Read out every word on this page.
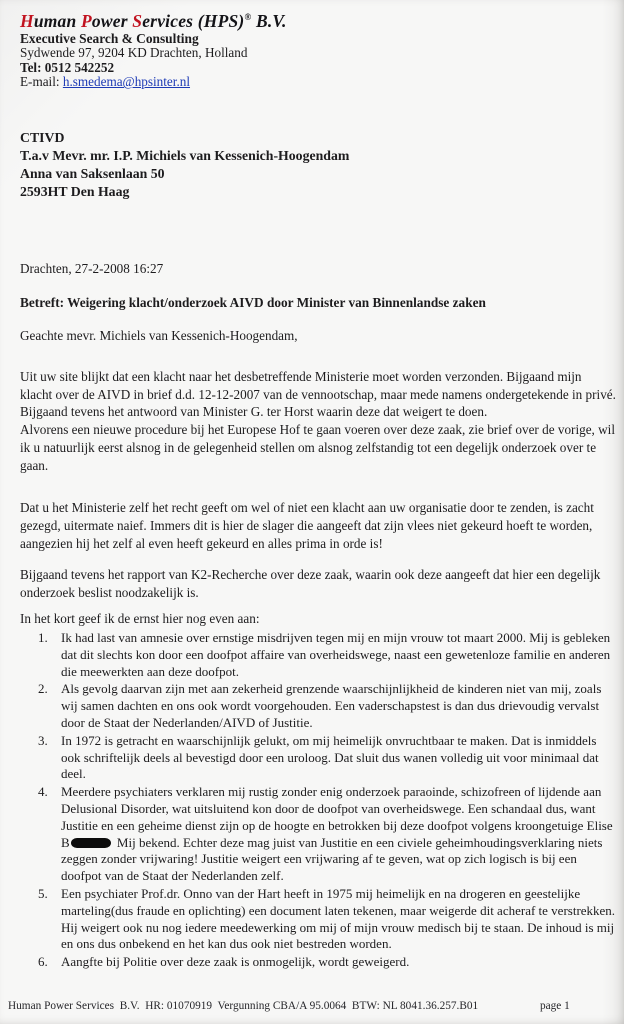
Human Power Services (HPS)® B.V.
Executive Search & Consulting
Sydwende 97, 9204 KD Drachten, Holland
Tel: 0512 542252
E-mail: h.smedema@hpsinter.nl
CTIVD
T.a.v Mevr. mr. I.P. Michiels van Kessenich-Hoogendam
Anna van Saksenlaan 50
2593HT Den Haag
Drachten, 27-2-2008 16:27
Betreft: Weigering klacht/onderzoek AIVD door Minister van Binnenlandse zaken
Geachte mevr. Michiels van Kessenich-Hoogendam,

Uit uw site blijkt dat een klacht naar het desbetreffende Ministerie moet worden verzonden. Bijgaand mijn klacht over de AIVD in brief d.d. 12-12-2007 van de vennootschap, maar mede namens ondergetekende in privé.

Bijgaand tevens het antwoord van Minister G. ter Horst waarin deze dat weigert te doen.
Alvorens een nieuwe procedure bij het Europese Hof te gaan voeren over deze zaak, zie brief over de vorige, wil ik u natuurlijk eerst alsnog in de gelegenheid stellen om alsnog zelfstandig tot een degelijk onderzoek over te gaan.

Dat u het Ministerie zelf het recht geeft om wel of niet een klacht aan uw organisatie door te zenden, is zacht gezegd, uitermate naief. Immers dit is hier de slager die aangeeft dat zijn vlees niet gekeurd hoeft te worden, aangezien hij het zelf al even heeft gekeurd en alles prima in orde is!

Bijgaand tevens het rapport van K2-Recherche over deze zaak, waarin ook deze aangeeft dat hier een degelijk onderzoek beslist noodzakelijk is.

In het kort geef ik de ernst hier nog even aan:

1.	Ik had last van amnesie over ernstige misdrijven tegen mij en mijn vrouw tot maart 2000. Mij is gebleken dat dit slechts kon door een doofpot affaire van overheidswege, naast een gewetenloze familie en anderen die meewerkten aan deze doofpot.
2.	Als gevolg daarvan zijn met aan zekerheid grenzende waarschijnlijkheid de kinderen niet van mij, zoals wij samen dachten en ons ook wordt voorgehouden. Een vaderschapstest is dan dus drievoudig vervalst door de Staat der Nederlanden/AIVD of Justitie.
3.	In 1972 is getracht en waarschijnlijk gelukt, om mij heimelijk onvruchtbaar te maken. Dat is inmiddels ook schriftelijk deels al bevestigd door een uroloog. Dat sluit dus wanen volledig uit voor minimaal dat deel.
4.	Meerdere psychiaters verklaren mij rustig zonder enig onderzoek paraoinde, schizofreen of lijdende aan Delusional Disorder, wat uitsluitend kon door de doofpot van overheidswege. Een schandaal dus, want Justitie en een geheime dienst zijn op de hoogte en betrokken bij deze doofpot volgens kroongetuige Elise B	Mij bekend. Echter deze mag juist van Justitie en een civiele geheimhoudingsverklaring niets zeggen zonder vrijwaring! Justitie weigert een vrijwaring af te geven, wat op zich logisch is bij een doofpot van de Staat der Nederlanden zelf.
5.	Een psychiater Prof.dr. Onno van der Hart heeft in 1975 mij heimelijk en na drogeren en geestelijke marteling(dus fraude en oplichting) een document laten tekenen, maar weigerde dit acheraf te verstrekken. Hij weigert ook nu nog iedere meedewerking om mij of mijn vrouw medisch bij te staan. De inhoud is mij en ons dus onbekend en het kan dus ook niet bestreden worden.
6.	Aangfte bij Politie over deze zaak is onmogelijk, wordt geweigerd.
Human Power Services  B.V.  HR: 01070919  Vergunning CBA/A 95.0064  BTW: NL 8041.36.257.B01	page 1
